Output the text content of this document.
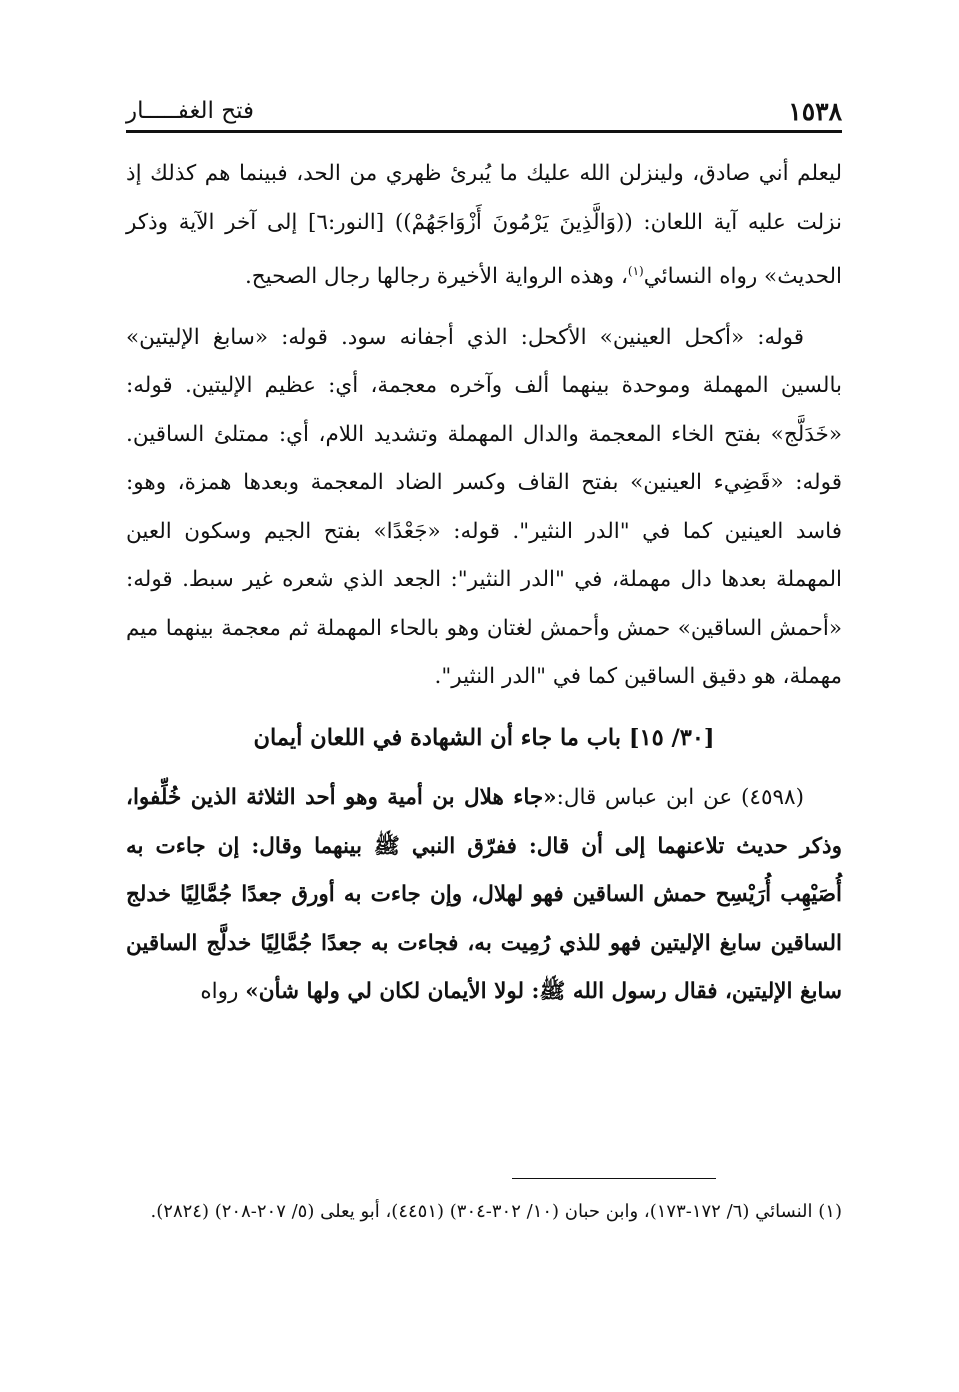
١٥٣٨
فتح الغفـــــار

ليعلم أني صادق، ولينزلن الله عليك ما يُبرئ ظهري من الحد، فبينما هم كذلك إذ نزلت عليه آية اللعان: ((وَالَّذِينَ يَرْمُونَ أَزْوَاجَهُمْ)) [النور:٦] إلى آخر الآية وذكر الحديث» رواه النسائي$^{(١)}$، وهذه الرواية الأخيرة رجالها رجال الصحيح.

قوله: «أكحل العينين» الأكحل: الذي أجفانه سود. قوله: «سابغ الإليتين» بالسين المهملة وموحدة بينهما ألف وآخره معجمة، أي: عظيم الإليتين. قوله: «خَدَلَّج» بفتح الخاء المعجمة والدال المهملة وتشديد اللام، أي: ممتلئ الساقين. قوله: «قَضِيء العينين» بفتح القاف وكسر الضاد المعجمة وبعدها همزة، وهو: فاسد العينين كما في "الدر النثير". قوله: «جَعْدًا» بفتح الجيم وسكون العين المهملة بعدها دال مهملة، في "الدر النثير": الجعد الذي شعره غير سبط. قوله: «أحمش الساقين» حمش وأحمش لغتان وهو بالحاء المهملة ثم معجمة بينهما ميم مهملة، هو دقيق الساقين كما في "الدر النثير".

[٣٠/ ١٥] باب ما جاء أن الشهادة في اللعان أيمان

(٤٥٩٨) عن ابن عباس قال:«جاء هلال بن أمية وهو أحد الثلاثة الذين خُلِّفوا، وذكر حديث تلاعنهما إلى أن قال: ففرّق النبي ﷺ بينهما وقال: إن جاءت به أُصَيْهِب أُرَيْسِح حمش الساقين فهو لهلال، وإن جاءت به أورق جعدًا جُمَّالِيًا خدلج الساقين سابغ الإليتين فهو للذي رُمِيت به، فجاءت به جعدًا جُمَّالِيًا خدلَّج الساقين سابغ الإليتين، فقال رسول الله ﷺ: لولا الأيمان لكان لي ولها شأن» رواه

(١) النسائي (٦/ ١٧٢-١٧٣)، وابن حبان (١٠/ ٣٠٢-٣٠٤) (٤٤٥١)، أبو يعلى (٥/ ٢٠٧-٢٠٨) (٢٨٢٤).
